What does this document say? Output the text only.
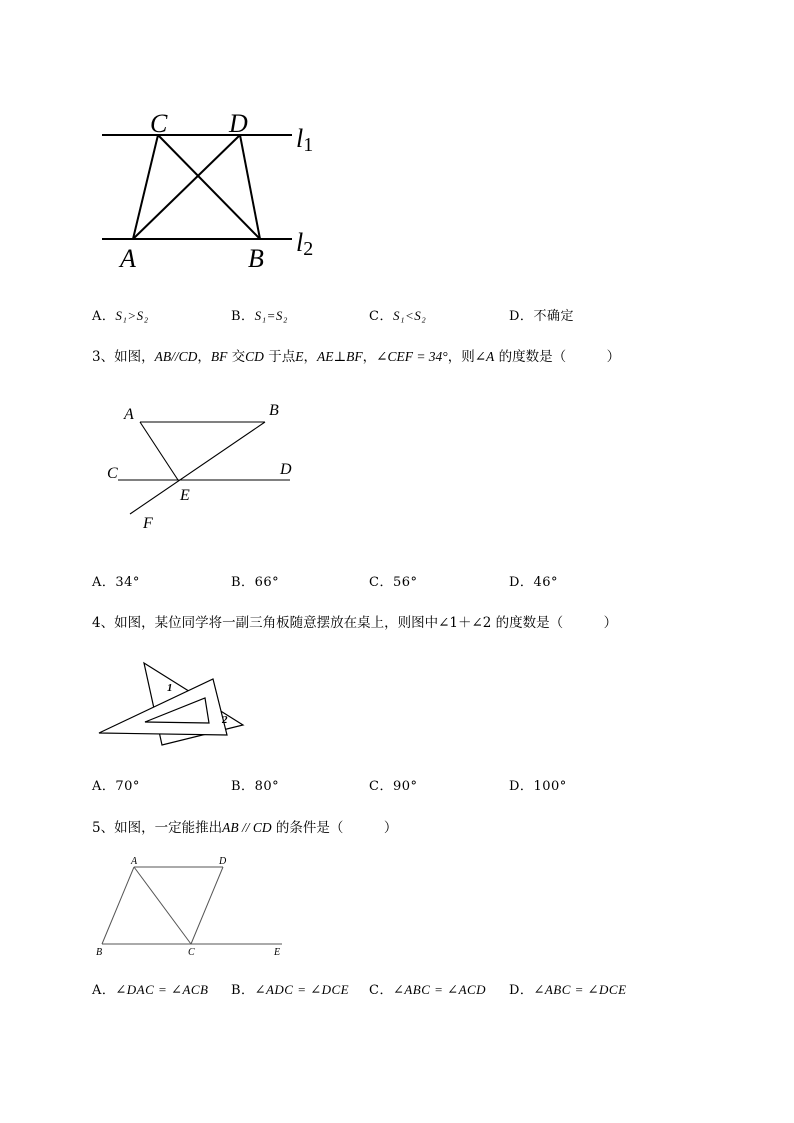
C D
A	B
l1
l2
A．S₁>S₂	B．S₁=S₂	C．S₁<S₂	D．不确定
3、如图，AB//CD，BF 交CD 于点E，AE⊥BF，∠CEF = 34°，则∠A 的度数是（　　　）
A	B
C	D
E
F
A．34°	B．66°	C．56°	D．46°
4、如图，某位同学将一副三角板随意摆放在桌上，则图中∠1＋∠2 的度数是（　　　）
1
2
A．70°	B．80°	C．90°	D．100°
5、如图，一定能推出AB // CD 的条件是（　　　）
A	D
B	C	E
A．∠DAC = ∠ACB B．∠ADC = ∠DCE C．∠ABC = ∠ACD D．∠ABC = ∠DCE
